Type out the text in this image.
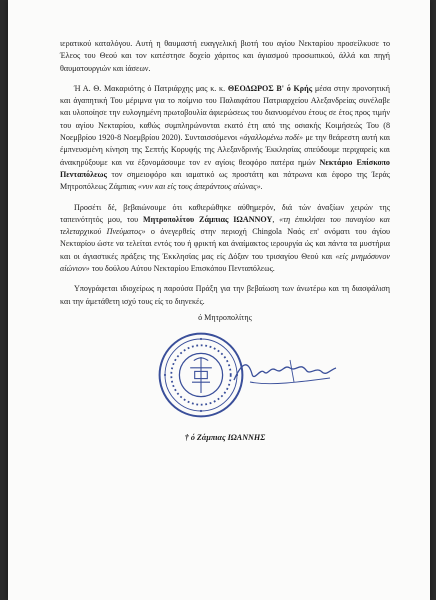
ιερατικού καταλόγου. Αυτή η θαυμαστή ευαγγελική βιοτή του αγίου Νεκταρίου προσείλκυσε το Έλεος του Θεού και τον κατέστησε δοχείο χάριτος και άγιασμού προσωπικού, άλλά και πηγή θαυματουργιών και ίάσεων.

Ή Α. Θ. Μακαριότης ό Πατριάρχης μας κ. κ. ΘΕΟΔΩΡΟΣ Β' ό Κρής μέσα στην προνοητική και άγαπητική Του μέριμνα για το ποίμνιο του Παλαιφάτου Πατριαρχείου Αλεξανδρείας συνέλαβε και υλοποίησε την ευλογημένη πρωτοβουλία άφιερώσεως του διανυομένου έτους σε έτος προς τιμήν του αγίου Νεκταρίου, καθώς συμπληρώνονται εκατό έτη από της οσιακής Κοιμήσεώς Του (8 Νοεμβρίου 1920-8 Νοεμβρίου 2020). Συνταισσόμενοι «άγαλλομένω ποδί» με την θεάρεστη αυτή και έμπνευσμένη κίνηση της Σεπτής Κορυφής της Αλεξανδρινής Έκκλησίας σπεύδουμε περιχαρείς και άνακηρύξουμε και να έξονομάσουμε τον εν αγίοις θεοφόρο πατέρα ημών Νεκτάριο Επίσκοπο Πενταπόλεως τον σημειοφόρο και ιαματικό ως προστάτη και πάτρωνα και έφορο της Ίεράς Μητροπόλεως Ζάμπιας «νυν και είς τους άπεράντους αίώνας».

Προσέτι δέ, βεβαιώνουμε ότι καθιερώθηκε αύθημερόν, διά τών άναξίων χειρών της ταπεινότητός μου, του Μητροπολίτου Ζάμπιας ΙΩΑΝΝΟΥ, «τη έπικλήσει του παναγίου και τελεταρχικού Πνεύματος» ο άνεγερθείς στην περιοχή Chingola Ναός επ' ονόματι του άγίου Νεκταρίου ώστε να τελείται εντός του ή φρικτή και άναίμακτος ιερουργία ώς και πάντα τα μυστήρια και οι άγιαστικές πράξεις της Έκκλησίας μας είς Δόξαν του τρισαγίου Θεού και «είς μνημόσυνον αίώνιον» του δούλου Αύτου Νεκταρίου Επισκόπου Πενταπόλεως.

Υπογράφεται ιδιοχείρως η παρούσα Πράξη για την βεβαίωση των άνωτέρω και τη διασφάλιση και την άμετάθετη ισχύ τους είς το διηνεκές.

ό Μητροπολίτης

† ό Ζάμπιας ΙΩΑΝΝΗΣ
